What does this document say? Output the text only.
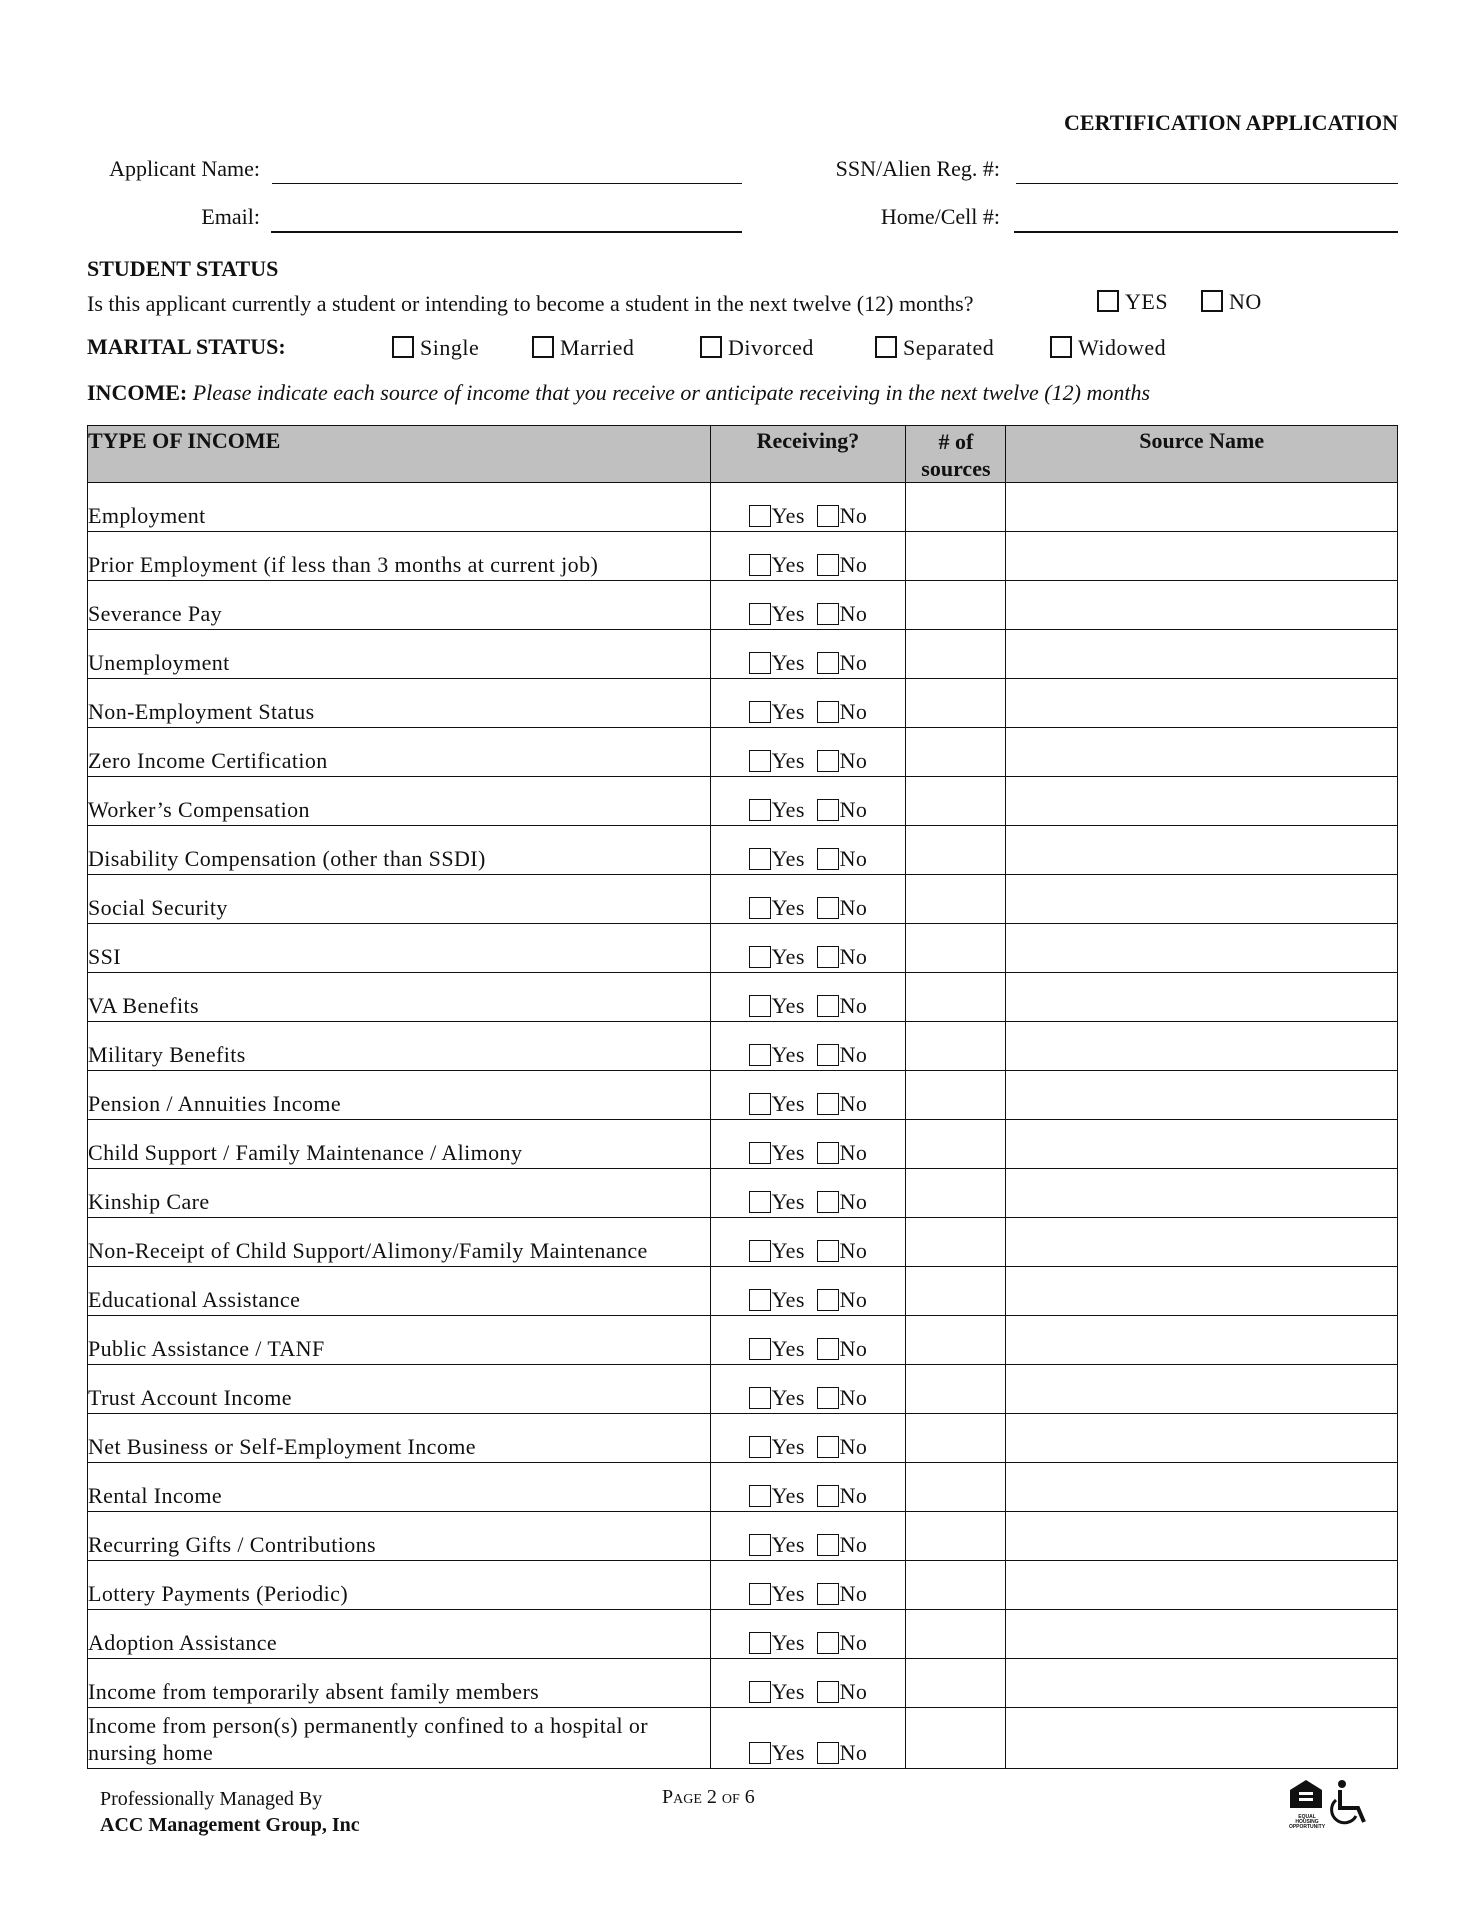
CERTIFICATION APPLICATION
Applicant Name:	SSN/Alien Reg. #:
Email:	Home/Cell #:
STUDENT STATUS
Is this applicant currently a student or intending to become a student in the next twelve (12) months?	YES	NO
MARITAL STATUS:	Single	Married	Divorced	Separated	Widowed
INCOME: Please indicate each source of income that you receive or anticipate receiving in the next twelve (12) months
TYPE OF INCOME	Receiving?	# of sources	Source Name
Employment	Yes No		
Prior Employment (if less than 3 months at current job)	Yes No		
Severance Pay	Yes No		
Unemployment	Yes No		
Non-Employment Status	Yes No		
Zero Income Certification	Yes No		
Worker’s Compensation	Yes No		
Disability Compensation (other than SSDI)	Yes No		
Social Security	Yes No		
SSI	Yes No		
VA Benefits	Yes No		
Military Benefits	Yes No		
Pension / Annuities Income	Yes No		
Child Support / Family Maintenance / Alimony	Yes No		
Kinship Care	Yes No		
Non-Receipt of Child Support/Alimony/Family Maintenance	Yes No		
Educational Assistance	Yes No		
Public Assistance / TANF	Yes No		
Trust Account Income	Yes No		
Net Business or Self-Employment Income	Yes No		
Rental Income	Yes No		
Recurring Gifts / Contributions	Yes No		
Lottery Payments (Periodic)	Yes No		
Adoption Assistance	Yes No		
Income from temporarily absent family members	Yes No		
Income from person(s) permanently confined to a hospital or nursing home	Yes No		
Professionally Managed By
ACC Management Group, Inc
Page 2 of 6
EQUAL HOUSING OPPORTUNITY
